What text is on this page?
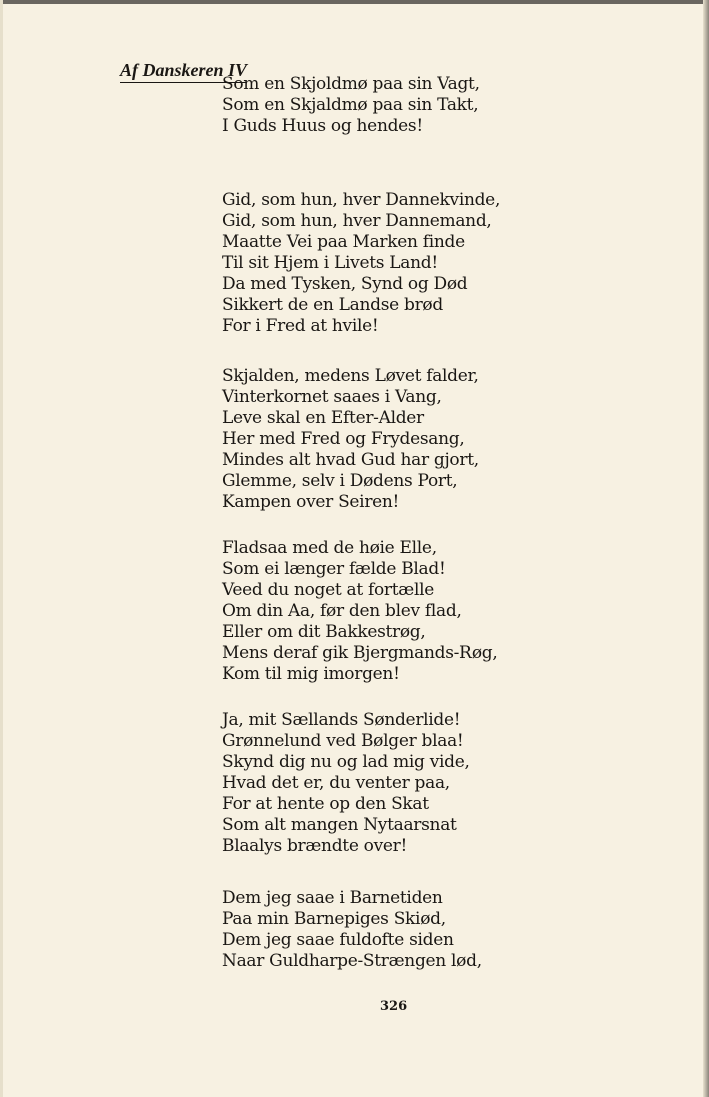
Af Danskeren IV
Som en Skjoldmø paa sin Vagt,
Som en Skjaldmø paa sin Takt,
I Guds Huus og hendes!
Gid, som hun, hver Dannekvinde,
Gid, som hun, hver Dannemand,
Maatte Vei paa Marken finde
Til sit Hjem i Livets Land!
Da med Tysken, Synd og Død
Sikkert de en Landse brød
For i Fred at hvile!
Skjalden, medens Løvet falder,
Vinterkornet saaes i Vang,
Leve skal en Efter-Alder
Her med Fred og Frydesang,
Mindes alt hvad Gud har gjort,
Glemme, selv i Dødens Port,
Kampen over Seiren!
Fladsaa med de høie Elle,
Som ei længer fælde Blad!
Veed du noget at fortælle
Om din Aa, før den blev flad,
Eller om dit Bakkestrøg,
Mens deraf gik Bjergmands-Røg,
Kom til mig imorgen!
Ja, mit Sællands Sønderlide!
Grønnelund ved Bølger blaa!
Skynd dig nu og lad mig vide,
Hvad det er, du venter paa,
For at hente op den Skat
Som alt mangen Nytaarsnat
Blaalys brændte over!
Dem jeg saae i Barnetiden
Paa min Barnepiges Skiød,
Dem jeg saae fuldofte siden
Naar Guldharpe-Strængen lød,
326
